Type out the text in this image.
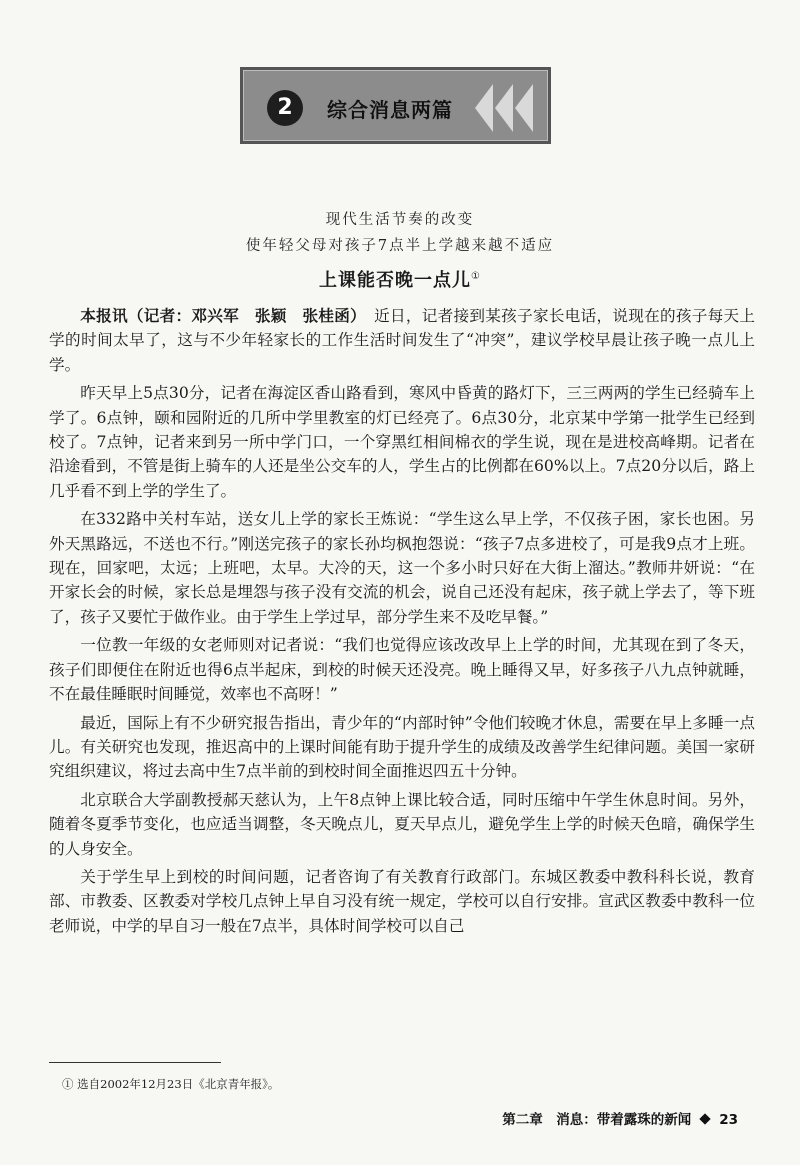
2	综合消息两篇
现代生活节奏的改变
使年轻父母对孩子7点半上学越来越不适应
上课能否晚一点儿①

本报讯（记者：邓兴军　张颖　张桂函）　 近日，记者接到某孩子家长电话，说现在的孩子每天上学的时间太早了，这与不少年轻家长的工作生活时间发生了“冲突”，建议学校早晨让孩子晚一点儿上学。

昨天早上5点30分，记者在海淀区香山路看到，寒风中昏黄的路灯下，三三两两的学生已经骑车上学了。6点钟，颐和园附近的几所中学里教室的灯已经亮了。6点30分，北京某中学第一批学生已经到校了。7点钟，记者来到另一所中学门口，一个穿黑红相间棉衣的学生说，现在是进校高峰期。记者在沿途看到，不管是街上骑车的人还是坐公交车的人，学生占的比例都在60%以上。7点20分以后，路上几乎看不到上学的学生了。

在332路中关村车站，送女儿上学的家长王炼说：“学生这么早上学，不仅孩子困，家长也困。另外天黑路远，不送也不行。”刚送完孩子的家长孙均枫抱怨说：“孩子7点多进校了，可是我9点才上班。现在，回家吧，太远；上班吧，太早。大冷的天，这一个多小时只好在大街上溜达。”教师井妍说：“在开家长会的时候，家长总是埋怨与孩子没有交流的机会，说自己还没有起床，孩子就上学去了，等下班了，孩子又要忙于做作业。由于学生上学过早，部分学生来不及吃早餐。”

一位教一年级的女老师则对记者说：“我们也觉得应该改改早上上学的时间，尤其现在到了冬天，孩子们即便住在附近也得6点半起床，到校的时候天还没亮。晚上睡得又早，好多孩子八九点钟就睡，不在最佳睡眠时间睡觉，效率也不高呀！”

最近，国际上有不少研究报告指出，青少年的“内部时钟”令他们较晚才休息，需要在早上多睡一点儿。有关研究也发现，推迟高中的上课时间能有助于提升学生的成绩及改善学生纪律问题。美国一家研究组织建议，将过去高中生7点半前的到校时间全面推迟四五十分钟。

北京联合大学副教授郝天慈认为，上午8点钟上课比较合适，同时压缩中午学生休息时间。另外，随着冬夏季节变化，也应适当调整，冬天晚点儿，夏天早点儿，避免学生上学的时候天色暗，确保学生的人身安全。

关于学生早上到校的时间问题，记者咨询了有关教育行政部门。东城区教委中教科科长说，教育部、市教委、区教委对学校几点钟上早自习没有统一规定，学校可以自行安排。宣武区教委中教科一位老师说，中学的早自习一般在7点半，具体时间学校可以自己

① 选自2002年12月23日《北京青年报》。
第二章　消息：带着露珠的新闻 23
